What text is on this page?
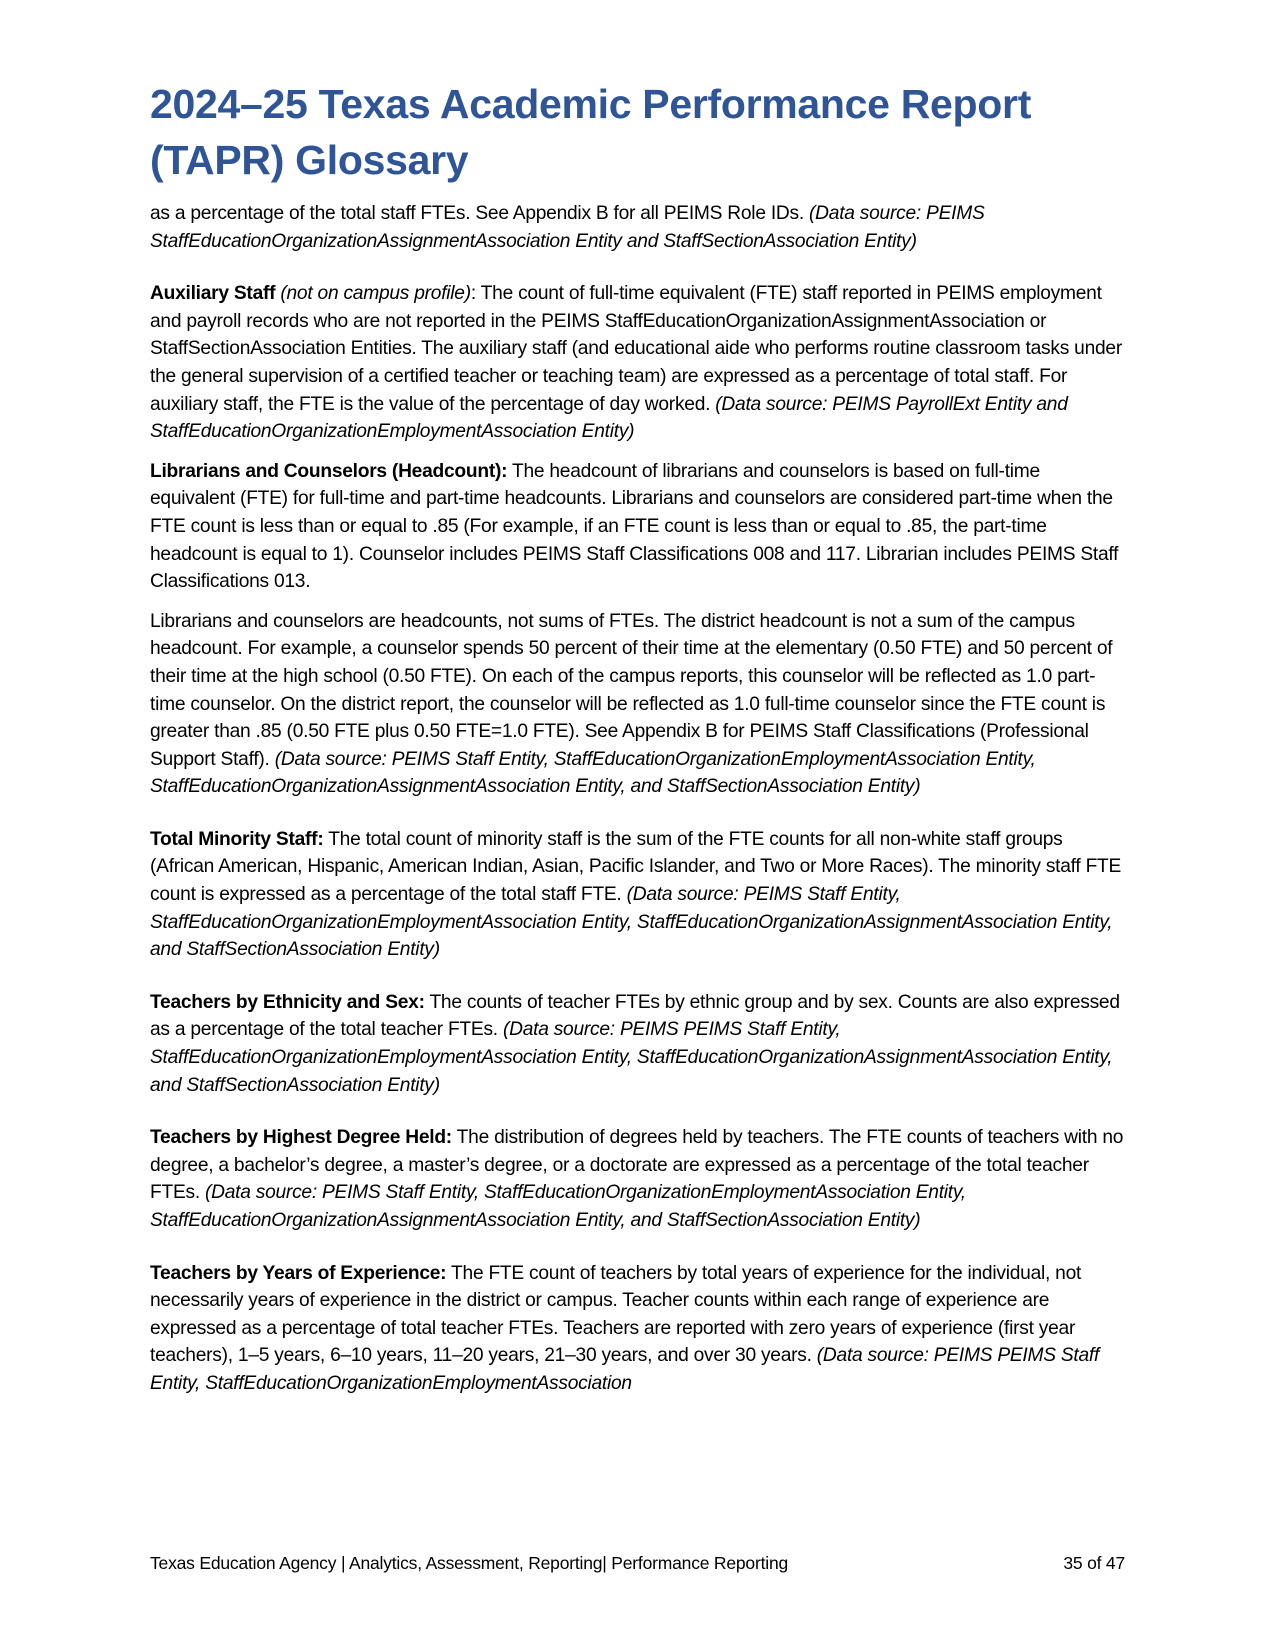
2024–25 Texas Academic Performance Report
(TAPR) Glossary

as a percentage of the total staff FTEs. See Appendix B for all PEIMS Role IDs. (Data source: PEIMS StaffEducationOrganizationAssignmentAssociation Entity and StaffSectionAssociation Entity)

Auxiliary Staff (not on campus profile): The count of full-time equivalent (FTE) staff reported in PEIMS employment and payroll records who are not reported in the PEIMS StaffEducationOrganizationAssignmentAssociation or StaffSectionAssociation Entities. The auxiliary staff (and educational aide who performs routine classroom tasks under the general supervision of a certified teacher or teaching team) are expressed as a percentage of total staff. For auxiliary staff, the FTE is the value of the percentage of day worked. (Data source: PEIMS PayrollExt Entity and StaffEducationOrganizationEmploymentAssociation Entity)

Librarians and Counselors (Headcount): The headcount of librarians and counselors is based on full-time equivalent (FTE) for full-time and part-time headcounts. Librarians and counselors are considered part-time when the FTE count is less than or equal to .85 (For example, if an FTE count is less than or equal to .85, the part-time headcount is equal to 1). Counselor includes PEIMS Staff Classifications 008 and 117. Librarian includes PEIMS Staff Classifications 013.

Librarians and counselors are headcounts, not sums of FTEs. The district headcount is not a sum of the campus headcount. For example, a counselor spends 50 percent of their time at the elementary (0.50 FTE) and 50 percent of their time at the high school (0.50 FTE). On each of the campus reports, this counselor will be reflected as 1.0 part-time counselor. On the district report, the counselor will be reflected as 1.0 full-time counselor since the FTE count is greater than .85 (0.50 FTE plus 0.50 FTE=1.0 FTE). See Appendix B for PEIMS Staff Classifications (Professional Support Staff). (Data source: PEIMS Staff Entity, StaffEducationOrganizationEmploymentAssociation Entity, StaffEducationOrganizationAssignmentAssociation Entity, and StaffSectionAssociation Entity)

Total Minority Staff: The total count of minority staff is the sum of the FTE counts for all non-white staff groups (African American, Hispanic, American Indian, Asian, Pacific Islander, and Two or More Races). The minority staff FTE count is expressed as a percentage of the total staff FTE. (Data source: PEIMS Staff Entity, StaffEducationOrganizationEmploymentAssociation Entity, StaffEducationOrganizationAssignmentAssociation Entity, and StaffSectionAssociation Entity)

Teachers by Ethnicity and Sex: The counts of teacher FTEs by ethnic group and by sex. Counts are also expressed as a percentage of the total teacher FTEs. (Data source: PEIMS PEIMS Staff Entity, StaffEducationOrganizationEmploymentAssociation Entity, StaffEducationOrganizationAssignmentAssociation Entity, and StaffSectionAssociation Entity)

Teachers by Highest Degree Held: The distribution of degrees held by teachers. The FTE counts of teachers with no degree, a bachelor’s degree, a master’s degree, or a doctorate are expressed as a percentage of the total teacher FTEs. (Data source: PEIMS Staff Entity, StaffEducationOrganizationEmploymentAssociation Entity, StaffEducationOrganizationAssignmentAssociation Entity, and StaffSectionAssociation Entity)

Teachers by Years of Experience: The FTE count of teachers by total years of experience for the individual, not necessarily years of experience in the district or campus. Teacher counts within each range of experience are expressed as a percentage of total teacher FTEs. Teachers are reported with zero years of experience (first year teachers), 1–5 years, 6–10 years, 11–20 years, 21–30 years, and over 30 years. (Data source: PEIMS PEIMS Staff Entity, StaffEducationOrganizationEmploymentAssociation

Texas Education Agency | Analytics, Assessment, Reporting| Performance Reporting	35 of 47
